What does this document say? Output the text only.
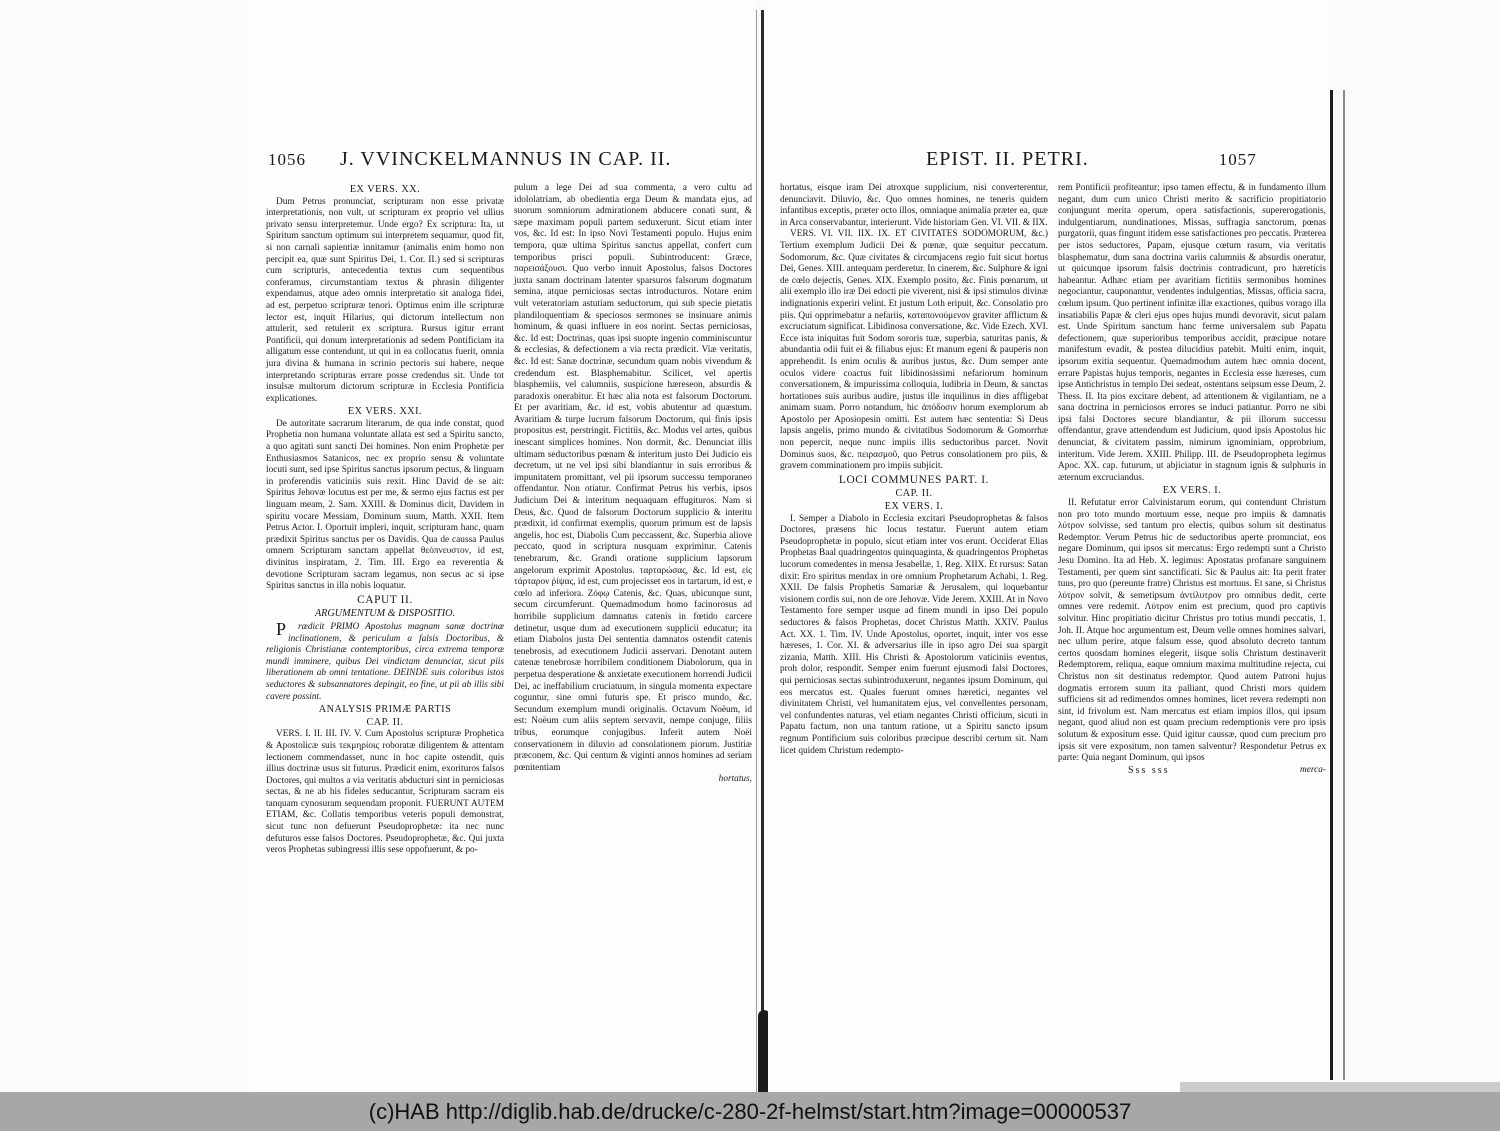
1056 J. VVINCKELMANNUS IN CAP. II.
EX VERS. XX.

Dum Petrus pronunciat, scripturam non esse privatæ interpretationis, non vult, ut scripturam ex proprio vel ullius privato sensu interpretemur. Unde ergo? Ex scriptura: Ita, ut Spiritum sanctum optimum sui interpretem sequamur, quod fit, si non carnali sapientiæ innitamur (animalis enim homo non percipit ea, quæ sunt Spiritus Dei, 1. Cor. II.) sed si scripturas cum scripturis, antecedentia textus cum sequentibus conferamus, circumstantiam textus & phrasin diligenter expendamus, atque adeo omnis interpretatio sit analoga fidei, ad est, perpetuo scripturæ tenori. Optimus enim ille scripturæ lector est, inquit Hilarius, qui dictorum intellectum non attulerit, sed retulerit ex scriptura. Rursus igitur errant Pontificii, qui donum interpretationis ad sedem Pontificiam ita alligatum esse contendunt, ut qui in ea collocatus fuerit, omnia jura divina & humana in scrinio pectoris sui habere, neque interpretando scripturas errare posse credendus sit. Unde tot insulsæ multorum dictorum scripturæ in Ecclesia Pontificia explicationes.

EX VERS. XXI.

De autoritate sacrarum literarum, de qua inde constat, quod Prophetia non humana voluntate allata est sed a Spiritu sancto, a quo agitati sunt sancti Dei homines. Non enim Prophetæ per Enthusiasmos Satanicos, nec ex proprio sensu & voluntate locuti sunt, sed ipse Spiritus sanctus ipsorum pectus, & linguam in proferendis vaticiniis suis rexit. Hinc David de se ait: Spiritus Jehovæ locutus est per me, & sermo ejus factus est per linguam meam, 2. Sam. XXIII. & Dominus dicit, Davidem in spiritu vocare Messiam, Dominum suum, Matth. XXII. Item Petrus Actor. I. Oportuit impleri, inquit, scripturam hanc, quam prædixit Spiritus sanctus per os Davidis. Qua de caussa Paulus omnem Scripturam sanctam appellat θεόπνευστον, id est, divinitus inspiratam, 2. Tim. III. Ergo ea reverentia & devotione Scripturam sacram legamus, non secus ac si ipse Spiritus sanctus in illa nobis loquatur.

CAPUT II.
ARGUMENTUM & DISPOSITIO.

Prædicit PRIMO Apostolus magnam sanæ doctrinæ inclinationem, & periculum a falsis Doctoribus, & religionis Christianæ contemptoribus, circa extrema temporæ mundi imminere, quibus Dei vindictam denunciat, sicut piis liberationem ab omni tentatione. DEINDE suis coloribus istos seductores & subsannatores depingit, eo fine, ut pii ab illis sibi cavere possint.

ANALYSIS PRIMÆ PARTIS
CAP. II.

VERS. I. II. III. IV. V. Cum Apostolus scripturæ Prophetica & Apostolicæ suis τεκμηρίοις roboratæ diligentem & attentam lectionem commendasset, nunc in hoc capite ostendit, quis illius doctrinæ usus sit futurus. Prædicit enim, exorituros falsos Doctores, qui multos a via veritatis abducturi sint in perniciosas sectas, & ne ab his fideles seducantur, Scripturam sacram eis tanquam cynosuram sequendam proponit. FUERUNT AUTEM ETIAM, &c. Collatis temporibus veteris populi demonstrat, sicut tunc non defuerunt Pseudoprophetæ: ita nec nunc defuturos esse falsos Doctores. Pseudoprophetæ, &c. Qui juxta veros Prophetas subingressi illis sese oppofuerunt, & po-

pulum a lege Dei ad sua commenta, a vero cultu ad idololatriam, ab obedientia erga Deum & mandata ejus, ad suorum somniorum admirationem abducere conati sunt, & sæpe maximam populi partem seduxerunt. Sicut etiam inter vos, &c. Id est: In ipso Novi Testamenti populo. Hujus enim tempora, quæ ultima Spiritus sanctus appellat, confert cum temporibus prisci populi. Subintroducent: Græce, παρεισάξουσι. Quo verbo innuit Apostolus, falsos Doctores juxta sanam doctrinam latenter sparsuros falsorum dogmatum semina, atque perniciosas sectas introducturos. Notare enim vult veteratoriam astutiam seductorum, qui sub specie pietatis plandiloquentiam & speciosos sermones se insinuare animis hominum, & quasi influere in eos norint. Sectas perniciosas, &c. Id est: Doctrinas, quas ipsi suopte ingenio comminiscuntur & ecclesias, & defectionem a via recta prædicit. Viæ veritatis, &c. Id est: Sanæ doctrinæ, secundum quam nobis vivendum & credendum est. Blasphemabitur. Scilicet, vel apertis blasphemiis, vel calumniis, suspicione hæreseon, absurdis & paradoxis onerabitur. Et hæc alia nota est falsorum Doctorum. Et per avaritiam, &c. id est, vobis abutentur ad quæstum. Avaritiam & turpe lucrum falsorum Doctorum, qui finis ipsis propositus est, perstringit. Fictitiis, &c. Modus vel artes, quibus inescant simplices homines. Non dormit, &c. Denunciat illis ultimam seductoribus pœnam & interitum justo Dei Judicio eis decretum, ut ne vel ipsi sibi blandiantur in suis erroribus & impunitatem promittant, vel pii ipsorum successu temporaneo offendantur. Non otiatur. Confirmat Petrus his verbis, ipsos Judicium Dei & interitum nequaquam effugituros. Nam si Deus, &c. Quod de falsorum Doctorum supplicio & interitu prædixit, id confirmat exemplis, quorum primum est de lapsis angelis, hoc est, Diabolis Cum peccassent, &c. Superbia aliove peccato, quod in scriptura nusquam exprimitur. Catenis tenebrarum, &c. Grandi oratione supplicium lapsorum angelorum exprimit Apostolus. ταρταρώσας, &c. Id est, εἰς τάρταρον ῥίψας, id est, cum projecisset eos in tartarum, id est, e cœlo ad inferiora. Ζόφῳ Catenis, &c. Quas, ubicunque sunt, secum circumferunt. Quemadmodum homo facinorosus ad horribile supplicium damnatus catenis in fœtido carcere detinetur, usque dum ad executionem supplicii educatur; ita etiam Diabolos justa Dei sententia damnatos ostendit catenis tenebrosis, ad executionem Judicii asservari. Denotant autem catenæ tenebrosæ horribilem conditionem Diabolorum, qua in perpetua desperatione & anxietate executionem horrendi Judicii Dei, ac ineffabilium cruciatuum, in singula momenta expectare coguntur, sine omni futuris spe. Et prisco mundo, &c. Secundum exemplum mundi originalis. Octavum Noëum, id est: Noëum cum aliis septem servavit, nempe conjuge, filiis tribus, eorumque conjugibus. Inferit autem Noëi conservationem in diluvio ad consolationem piorum. Justitiæ præconem, &c. Qui centum & viginti annos homines ad seriam pœnitentiam

hortatus,
EPIST. II. PETRI.	1057

hortatus, eisque iram Dei atroxque supplicium, nisi converterentur, denunciavit. Diluvio, &c. Quo omnes homines, ne teneris quidem infantibus exceptis, præter octo illos, omniaque animalia præter ea, quæ in Arca conservabantur, interierunt. Vide historiam Gen. VI. VII. & IIX.

VERS. VI. VII. IIX. IX. ET CIVITATES SODOMORUM, &c.) Tertium exemplum Judicii Dei & pœnæ, quæ sequitur peccatum. Sodomorum, &c. Quæ civitates & circumjacens regio fuit sicut hortus Dei, Genes. XIII. antequam perderetur. In cinerem, &c. Sulphure & igni de cœlo dejectis, Genes. XIX. Exemplo posito, &c. Finis pœnarum, ut alii exemplo illo iræ Dei edocti pie viverent, nisi & ipsi stimulos divinæ indignationis experiri velint. Et justum Loth eripuit, &c. Consolatio pro piis. Qui opprimebatur a nefariis, καταπονούμενον graviter afflictum & excruciatum significat. Libidinosa conversatione, &c. Vide Ezech. XVI. Ecce ista iniquitas fuit Sodom sororis tuæ, superbia, saturitas panis, & abundantia odii fuit ei & filiabus ejus: Et manum egeni & pauperis non apprehendit. Is enim oculis & auribus justus, &c. Dum semper ante oculos videre coactus fuit libidinosissimi nefariorum hominum conversationem, & impurissima colloquia, ludibria in Deum, & sanctas hortationes suis auribus audire, justus ille inquilinus in dies affligebat animam suam. Porro notandum, hic ἀπόδοσιν horum exemplorum ab Apostolo per Aposiopesin omitti. Est autem hæc sententia: Si Deus lapsis angelis, primo mundo & civitatibus Sodomorum & Gomorrhæ non pepercit, neque nunc impiis illis seductoribus parcet. Novit Dominus suos, &c. πειρασμοῦ, quo Petrus consolationem pro piis, & gravem comminationem pro impiis subjicit.

LOCI COMMUNES PART. I.
CAP. II.
EX VERS. I.

I. Semper a Diabolo in Ecclesia excitari Pseudoprophetas & falsos Doctores, præsens hic locus testatur. Fuerunt autem etiam Pseudoprophetæ in populo, sicut etiam inter vos erunt. Occiderat Elias Prophetas Baal quadringentos quinquaginta, & quadringentos Prophetas lucorum comedentes in mensa Jesabellæ, 1. Reg. XIIX. Et rursus: Satan dixit: Ero spiritus mendax in ore omnium Prophetarum Achabi, 1. Reg. XXII. De falsis Prophetis Samariæ & Jerusalem, qui loquebantur visionem cordis sui, non de ore Jehovæ. Vide Jerem. XXIII. At in Novo Testamento fore semper usque ad finem mundi in ipso Dei populo seductores & falsos Prophetas, docet Christus Matth. XXIV. Paulus Act. XX. 1. Tim. IV. Unde Apostolus, oportet, inquit, inter vos esse hæreses, 1. Cor. XI. & adversarius ille in ipso agro Dei sua spargit zizania, Matth. XIII. His Christi & Apostolorum vaticiniis eventus, proh dolor, respondit. Semper enim fuerunt ejusmodi falsi Doctores, qui perniciosas sectas subintroduxerunt, negantes ipsum Dominum, qui eos mercatus est. Quales fuerunt omnes hæretici, negantes vel divinitatem Christi, vel humanitatem ejus, vel convellentes personam, vel confundentes naturas, vel etiam negantes Christi officium, sicuti in Papatu factum, non una tantum ratione, ut a Spiritu sancto ipsum regnum Pontificium suis coloribus præcipue describi certum sit. Nam licet quidem Christum redempto-

rem Pontificii profiteantur; ipso tamen effectu, & in fundamento illum negant, dum cum unico Christi merito & sacrificio propitiatorio conjungunt merita operum, opera satisfactionis, supererogationis, indulgentiarum, nundinationes, Missas, suffragia sanctorum, pœnas purgatorii, quas fingunt itidem esse satisfactiones pro peccatis. Præterea per istos seductores, Papam, ejusque cœtum rasum, via veritatis blasphematur, dum sana doctrina variis calumniis & absurdis oneratur, ut quicunque ipsorum falsis doctrinis contradicunt, pro hæreticis habeantur. Adhæc etiam per avaritiam fictitiis sermonibus homines negociantur, cauponantur, vendentes indulgentias, Missas, officia sacra, cœlum ipsum. Quo pertinent infinitæ illæ exactiones, quibus vorago illa insatiabilis Papæ & cleri ejus opes hujus mundi devoravit, sicut palam est. Unde Spiritum sanctum hanc ferme universalem sub Papatu defectionem, quæ superioribus temporibus accidit, præcipue notare manifestum evadit, & postea dilucidius patebit. Multi enim, inquit, ipsorum exitia sequentur. Quemadmodum autem hæc omnia docent, errare Papistas hujus temporis, negantes in Ecclesia esse hæreses, cum ipse Antichristus in templo Dei sedeat, ostentans seipsum esse Deum, 2. Thess. II. Ita pios excitare debent, ad attentionem & vigilantiam, ne a sana doctrina in perniciosos errores se induci patiantur. Porro ne sibi ipsi falsi Doctores secure blandiantur, & pii illorum successu offendantur, grave attendendum est Judicium, quod ipsis Apostolus hic denunciat, & civitatem passim, nimirum ignominiam, opprobrium, interitum. Vide Jerem. XXIII. Philipp. III. de Pseudopropheta legimus Apoc. XX. cap. futurum, ut abjiciatur in stagnum ignis & sulphuris in æternum excruciandus.

EX VERS. I.

II. Refutatur error Calvinistarum eorum, qui contendunt Christum non pro toto mundo mortuum esse, neque pro impiis & damnatis λύτρον solvisse, sed tantum pro electis, quibus solum sit destinatus Redemptor. Verum Petrus hic de seductoribus aperte pronunciat, eos negare Dominum, qui ipsos sit mercatus: Ergo redempti sunt a Christo Jesu Domino. Ita ad Heb. X. legimus: Apostatas profanare sanguinem Testamenti, per quem sint sanctificati. Sic & Paulus ait: Ita perit frater tuus, pro quo (pereunte fratre) Christus est mortuus. Et sane, si Christus λύτρον solvit, & semetipsum ἀντίλυτρον pro omnibus dedit, certe omnes vere redemit. Λύτρον enim est precium, quod pro captivis solvitur. Hinc propitiatio dicitur Christus pro totius mundi peccatis, 1. Joh. II. Atque hoc argumentum est, Deum velle omnes homines salvari, nec ullum perire, atque falsum esse, quod absoluto decreto tantum certos quosdam homines elegerit, iisque solis Christum destinaverit Redemptorem, reliqua, eaque omnium maxima multitudine rejecta, cui Christus non sit destinatus redemptor. Quod autem Patroni hujus dogmatis errorem suum ita palliant, quod Christi mors quidem sufficiens sit ad redimendos omnes homines, licet revera redempti non sint, id frivolum est. Nam mercatus est etiam impios illos, qui ipsum negant, quod aliud non est quam precium redemptionis vere pro ipsis solutum & expositum esse. Quid igitur caussæ, quod cum precium pro ipsis sit vere expositum, non tamen salventur? Respondetur Petrus ex parte: Quia negant Dominum, qui ipsos

Sss sss	merca-
(c)HAB http://diglib.hab.de/drucke/c-280-2f-helmst/start.htm?image=00000537
